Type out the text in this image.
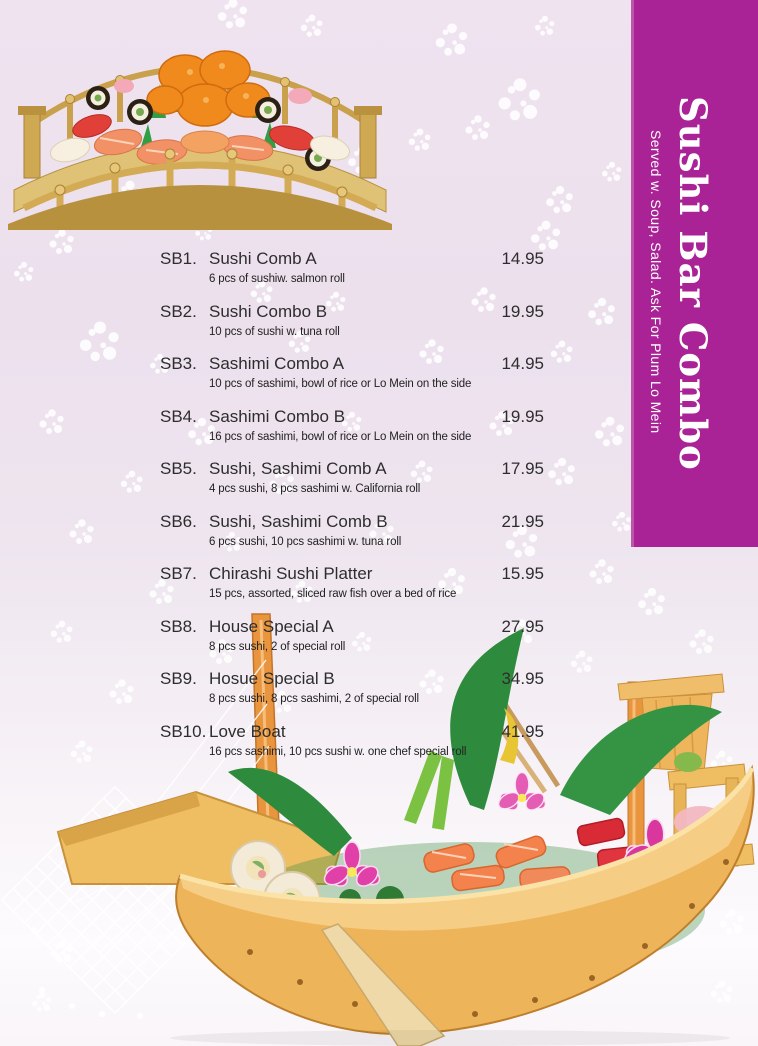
Served w. Soup, Salad. Ask For Plum Lo Mein Sushi Bar Combo
SB1. Sushi Comb A	14.95
6 pcs of sushiw. salmon roll
SB2. Sushi Combo B	19.95
10 pcs of sushi w. tuna roll
SB3. Sashimi Combo A	14.95
10 pcs of sashimi, bowl of rice or Lo Mein on the side
SB4. Sashimi Combo B	19.95
16 pcs of sashimi, bowl of rice or Lo Mein on the side
SB5. Sushi, Sashimi Comb A	17.95
4 pcs sushi, 8 pcs sashimi w. California roll
SB6. Sushi, Sashimi Comb B	21.95
6 pcs sushi, 10 pcs sashimi w. tuna roll
SB7. Chirashi Sushi Platter	15.95
15 pcs, assorted, sliced raw fish over a bed of rice
SB8. House Special A	27.95
8 pcs sushi, 2 of special roll
SB9. Hosue Special B	34.95
8 pcs sushi, 8 pcs sashimi, 2 of special roll
SB10. Love Boat	41.95
16 pcs sashimi, 10 pcs sushi w. one chef special roll
